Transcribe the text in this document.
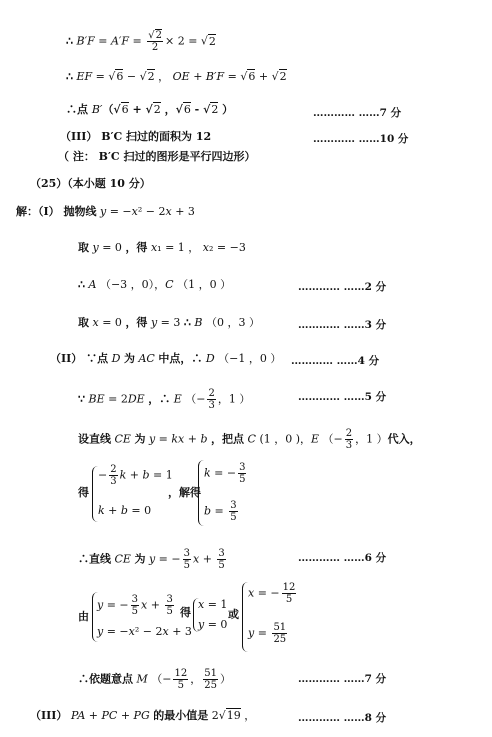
∴ $B'F = A'F = \frac{√2}{2} \times 2 = √2$
∴ EF = √6 − √2 ， OE + B′F = √6 + √2
∴点 B′（√6 + √2 ，√6 - √2 ）	………… ……7 分
（III） B′C 扫过的面积为 12	………… ……10 分
（ 注： B′C 扫过的图形是平行四边形）
（25）（本小题 10 分）
解：（I） 抛物线 y = −x² − 2x + 3
取 y = 0 ，得 x₁ = 1 ， x₂ = −3
∴ A （−3 ，0），C （1 ，0 ）	………… ……2 分
取 x = 0 ，得 y = 3 ∴ B （0 ，3 ）	………… ……3 分
（II） ∵点 D 为 AC 中点，∴ D （−1 ，0 ） ………… ……4 分
∵ BE = 2DE ，∴ E （− $\frac{2}{3}$ ，1 ）	………… ……5 分
设直线 CE 为 y = kx + b ，把点 C (1 ，0 )，E （− $\frac{2}{3}$ ，1 ）代入，
得
− $\frac{2}{3}$ k + b = 1
k + b = 0
，解得
k = − $\frac{3}{5}$
$b = \frac{3}{5}$
∴直线 CE 为 y = − $\frac{3}{5}$ $x + \frac{3}{5}$	………… ……6 分
由
y = − $\frac{3}{5}$ $x + \frac{3}{5}$
y = −x² − 2x + 3
得
x = 1
y = 0
或
x = − $\frac{12}{5}$
$y = \frac{51}{25}$
∴依题意点 M （− $\frac{12}{5}$ ， $\frac{51}{25}$ ）	………… ……7 分
（III） PA + PC + PG 的最小值是 2√19 ，	………… ……8 分
